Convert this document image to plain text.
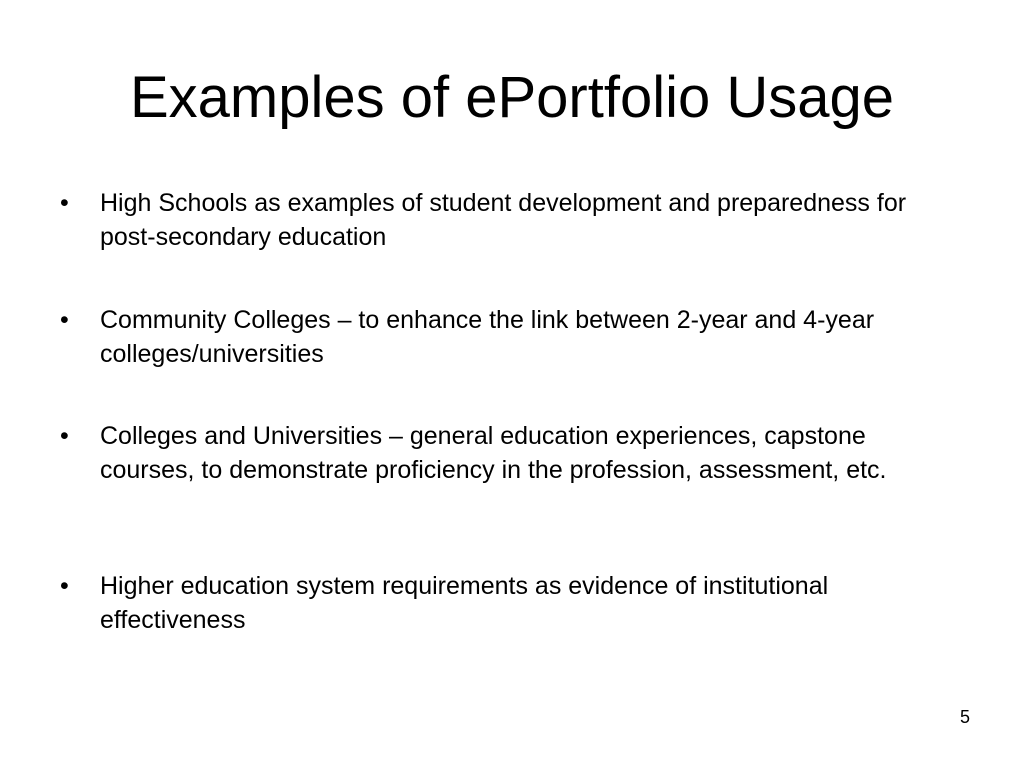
Examples of ePortfolio Usage
•	High Schools as examples of student development and preparedness for post-secondary education
•	Community Colleges – to enhance the link between 2-year and 4-year colleges/universities
•	Colleges and Universities – general education experiences, capstone courses, to demonstrate proficiency in the profession, assessment, etc.
•	Higher education system requirements as evidence of institutional effectiveness
5
